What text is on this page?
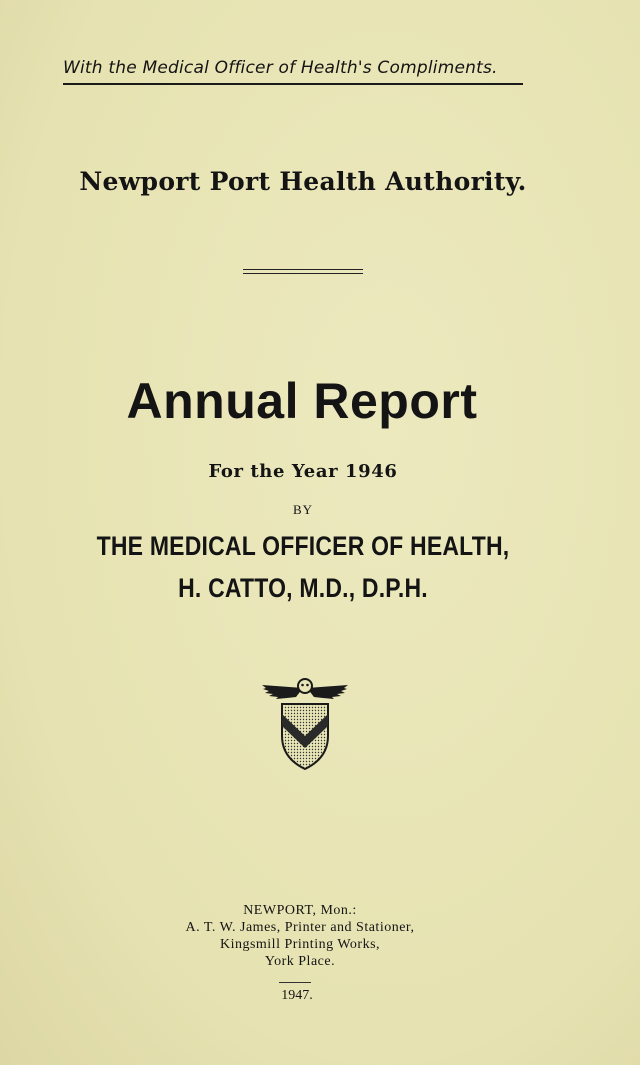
With the Medical Officer of Health's Compliments.
Newport Port Health Authority.
Annual Report
For the Year 1946
BY
THE MEDICAL OFFICER OF HEALTH,
H. CATTO, M.D., D.P.H.
NEWPORT, Mon.:
A. T. W. James, Printer and Stationer,
Kingsmill Printing Works,
York Place.
1947.
